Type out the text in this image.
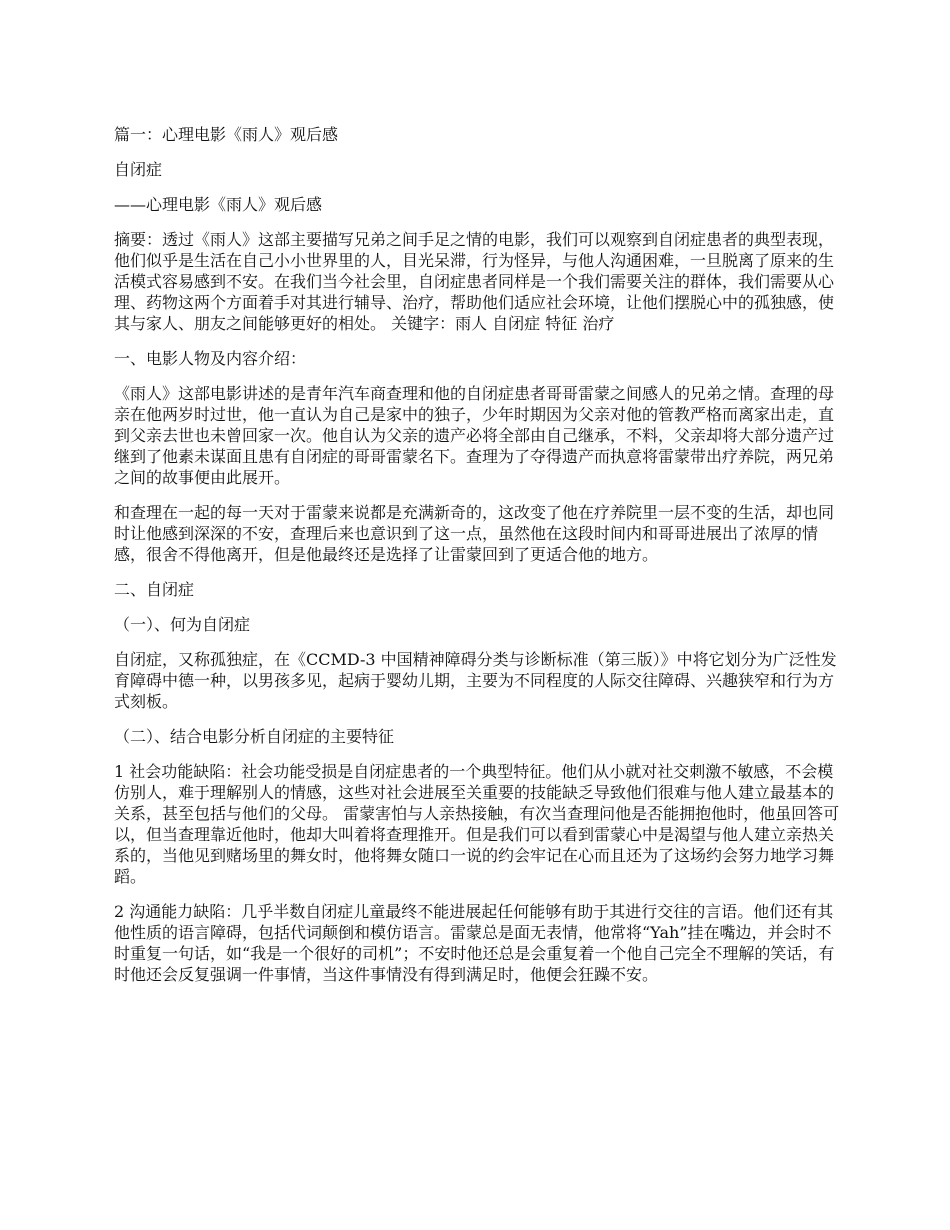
篇一：心理电影《雨人》观后感

自闭症

——心理电影《雨人》观后感

摘要：透过《雨人》这部主要描写兄弟之间手足之情的电影，我们可以观察到自闭症患者的典型表现，他们似乎是生活在自己小小世界里的人，目光呆滞，行为怪异，与他人沟通困难，一旦脱离了原来的生活模式容易感到不安。在我们当今社会里，自闭症患者同样是一个我们需要关注的群体，我们需要从心理、药物这两个方面着手对其进行辅导、治疗，帮助他们适应社会环境，让他们摆脱心中的孤独感，使其与家人、朋友之间能够更好的相处。 关键字：雨人 自闭症 特征 治疗

一、电影人物及内容介绍：

《雨人》这部电影讲述的是青年汽车商查理和他的自闭症患者哥哥雷蒙之间感人的兄弟之情。查理的母亲在他两岁时过世，他一直认为自己是家中的独子，少年时期因为父亲对他的管教严格而离家出走，直到父亲去世也未曾回家一次。他自认为父亲的遗产必将全部由自己继承，不料，父亲却将大部分遗产过继到了他素未谋面且患有自闭症的哥哥雷蒙名下。查理为了夺得遗产而执意将雷蒙带出疗养院，两兄弟之间的故事便由此展开。

和查理在一起的每一天对于雷蒙来说都是充满新奇的，这改变了他在疗养院里一层不变的生活，却也同时让他感到深深的不安，查理后来也意识到了这一点，虽然他在这段时间内和哥哥进展出了浓厚的情感，很舍不得他离开，但是他最终还是选择了让雷蒙回到了更适合他的地方。

二、自闭症

（一）、何为自闭症

自闭症，又称孤独症，在《CCMD-3 中国精神障碍分类与诊断标准（第三版）》中将它划分为广泛性发育障碍中德一种，以男孩多见，起病于婴幼儿期，主要为不同程度的人际交往障碍、兴趣狭窄和行为方式刻板。

（二）、结合电影分析自闭症的主要特征

1 社会功能缺陷：社会功能受损是自闭症患者的一个典型特征。他们从小就对社交刺激不敏感，不会模仿别人，难于理解别人的情感，这些对社会进展至关重要的技能缺乏导致他们很难与他人建立最基本的关系，甚至包括与他们的父母。 雷蒙害怕与人亲热接触，有次当查理问他是否能拥抱他时，他虽回答可以，但当查理靠近他时，他却大叫着将查理推开。但是我们可以看到雷蒙心中是渴望与他人建立亲热关系的，当他见到赌场里的舞女时，他将舞女随口一说的约会牢记在心而且还为了这场约会努力地学习舞蹈。

2 沟通能力缺陷：几乎半数自闭症儿童最终不能进展起任何能够有助于其进行交往的言语。他们还有其他性质的语言障碍，包括代词颠倒和模仿语言。雷蒙总是面无表情，他常将“Yah”挂在嘴边，并会时不时重复一句话，如“我是一个很好的司机”；不安时他还总是会重复着一个他自己完全不理解的笑话，有时他还会反复强调一件事情，当这件事情没有得到满足时，他便会狂躁不安。
